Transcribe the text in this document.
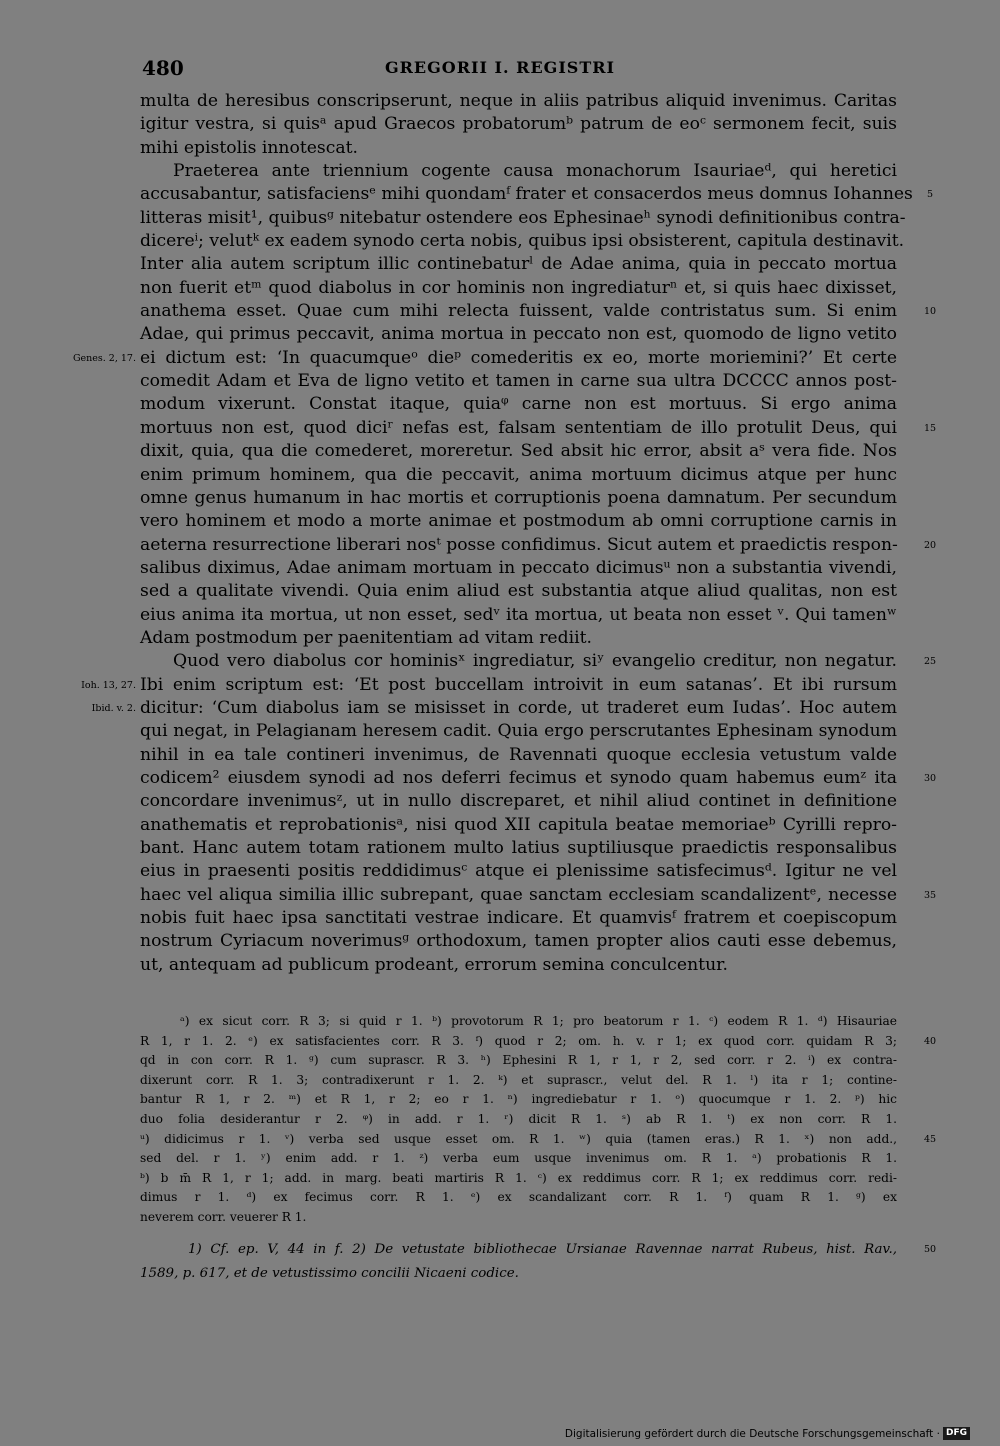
480	GREGORII I. REGISTRI
multa de heresibus conscripserunt, neque in aliis patribus aliquid invenimus. Caritas
igitur vestra, si quisᵃ apud Graecos probatorumᵇ patrum de eoᶜ sermonem fecit, suis
mihi epistolis innotescat.
Praeterea ante triennium cogente causa monachorum Isauriaeᵈ, qui heretici
accusabantur, satisfaciensᵉ mihi quondamᶠ frater et consacerdos meus domnus Iohannes
litteras misit¹, quibusᵍ nitebatur ostendere eos Ephesinaeʰ synodi definitionibus contra-
dicereⁱ; velutᵏ ex eadem synodo certa nobis, quibus ipsi obsisterent, capitula destinavit.
Inter alia autem scriptum illic continebaturˡ de Adae anima, quia in peccato mortua
non fuerit etᵐ quod diabolus in cor hominis non ingrediaturⁿ et, si quis haec dixisset,
anathema esset. Quae cum mihi relecta fuissent, valde contristatus sum. Si enim
Adae, qui primus peccavit, anima mortua in peccato non est, quomodo de ligno vetito
ei dictum est: ‘In quacumqueᵒ dieᵖ comederitis ex eo, morte moriemini?’ Et certe
comedit Adam et Eva de ligno vetito et tamen in carne sua ultra DCCCC annos post-
modum vixerunt. Constat itaque, quiaᵠ carne non est mortuus. Si ergo anima
mortuus non est, quod diciʳ nefas est, falsam sententiam de illo protulit Deus, qui
dixit, quia, qua die comederet, moreretur. Sed absit hic error, absit aˢ vera fide. Nos
enim primum hominem, qua die peccavit, anima mortuum dicimus atque per hunc
omne genus humanum in hac mortis et corruptionis poena damnatum. Per secundum
vero hominem et modo a morte animae et postmodum ab omni corruptione carnis in
aeterna resurrectione liberari nosᵗ posse confidimus. Sicut autem et praedictis respon-
salibus diximus, Adae animam mortuam in peccato dicimusᵘ non a substantia vivendi,
sed a qualitate vivendi. Quia enim aliud est substantia atque aliud qualitas, non est
eius anima ita mortua, ut non esset, sedᵛ ita mortua, ut beata non esset ᵛ. Qui tamenʷ
Adam postmodum per paenitentiam ad vitam rediit.
Quod vero diabolus cor hominisˣ ingrediatur, siʸ evangelio creditur, non negatur.
Ibi enim scriptum est: ‘Et post buccellam introivit in eum satanas’. Et ibi rursum
dicitur: ‘Cum diabolus iam se misisset in corde, ut traderet eum Iudas’. Hoc autem
qui negat, in Pelagianam heresem cadit. Quia ergo perscrutantes Ephesinam synodum
nihil in ea tale contineri invenimus, de Ravennati quoque ecclesia vetustum valde
codicem² eiusdem synodi ad nos deferri fecimus et synodo quam habemus eumᶻ ita
concordare invenimusᶻ, ut in nullo discreparet, et nihil aliud continet in definitione
anathematis et reprobationisᵃ, nisi quod XII capitula beatae memoriaeᵇ Cyrilli repro-
bant. Hanc autem totam rationem multo latius suptiliusque praedictis responsalibus
eius in praesenti positis reddidimusᶜ atque ei plenissime satisfecimusᵈ. Igitur ne vel
haec vel aliqua similia illic subrepant, quae sanctam ecclesiam scandalizentᵉ, necesse
nobis fuit haec ipsa sanctitati vestrae indicare. Et quamvisᶠ fratrem et coepiscopum
nostrum Cyriacum noverimusᵍ orthodoxum, tamen propter alios cauti esse debemus,
ut, antequam ad publicum prodeant, errorum semina conculcentur.
5
10
Genes. 2, 17.
15
20
25
Ioh. 13, 27.
Ibid. v. 2.
30
35
40
45
50
ᵃ) ex sicut corr. R 3; si quid r 1. ᵇ) provotorum R 1; pro beatorum r 1. ᶜ) eodem R 1. ᵈ) Hisauriae
R 1, r 1. 2. ᵉ) ex satisfacientes corr. R 3. ᶠ) quod r 2; om. h. v. r 1; ex quod corr. quidam R 3;
qd in con corr. R 1. ᵍ) cum suprascr. R 3. ʰ) Ephesini R 1, r 1, r 2, sed corr. r 2. ⁱ) ex contra-
dixerunt corr. R 1. 3; contradixerunt r 1. 2. ᵏ) et suprascr., velut del. R 1. ˡ) ita r 1; contine-
bantur R 1, r 2. ᵐ) et R 1, r 2; eo r 1. ⁿ) ingrediebatur r 1. ᵒ) quocumque r 1. 2. ᵖ) hic
duo folia desiderantur r 2. ᵠ) in add. r 1. ʳ) dicit R 1. ˢ) ab R 1. ᵗ) ex non corr. R 1.
ᵘ) didicimus r 1. ᵛ) verba sed usque esset om. R 1. ʷ) quia (tamen eras.) R 1. ˣ) non add.,
sed del. r 1. ʸ) enim add. r 1. ᶻ) verba eum usque invenimus om. R 1. ᵃ) probationis R 1.
ᵇ) b m̄ R 1, r 1; add. in marg. beati martiris R 1. ᶜ) ex reddimus corr. R 1; ex reddimus corr. redi-
dimus r 1. ᵈ) ex fecimus corr. R 1. ᵉ) ex scandalizant corr. R 1. ᶠ) quam R 1. ᵍ) ex
neverem corr. veuerer R 1.
1) Cf. ep. V, 44 in f. 2) De vetustate bibliothecae Ursianae Ravennae narrat Rubeus, hist. Rav.,
1589, p. 617, et de vetustissimo concilii Nicaeni codice.
Digitalisierung gefördert durch die Deutsche Forschungsgemeinschaft · DFG
